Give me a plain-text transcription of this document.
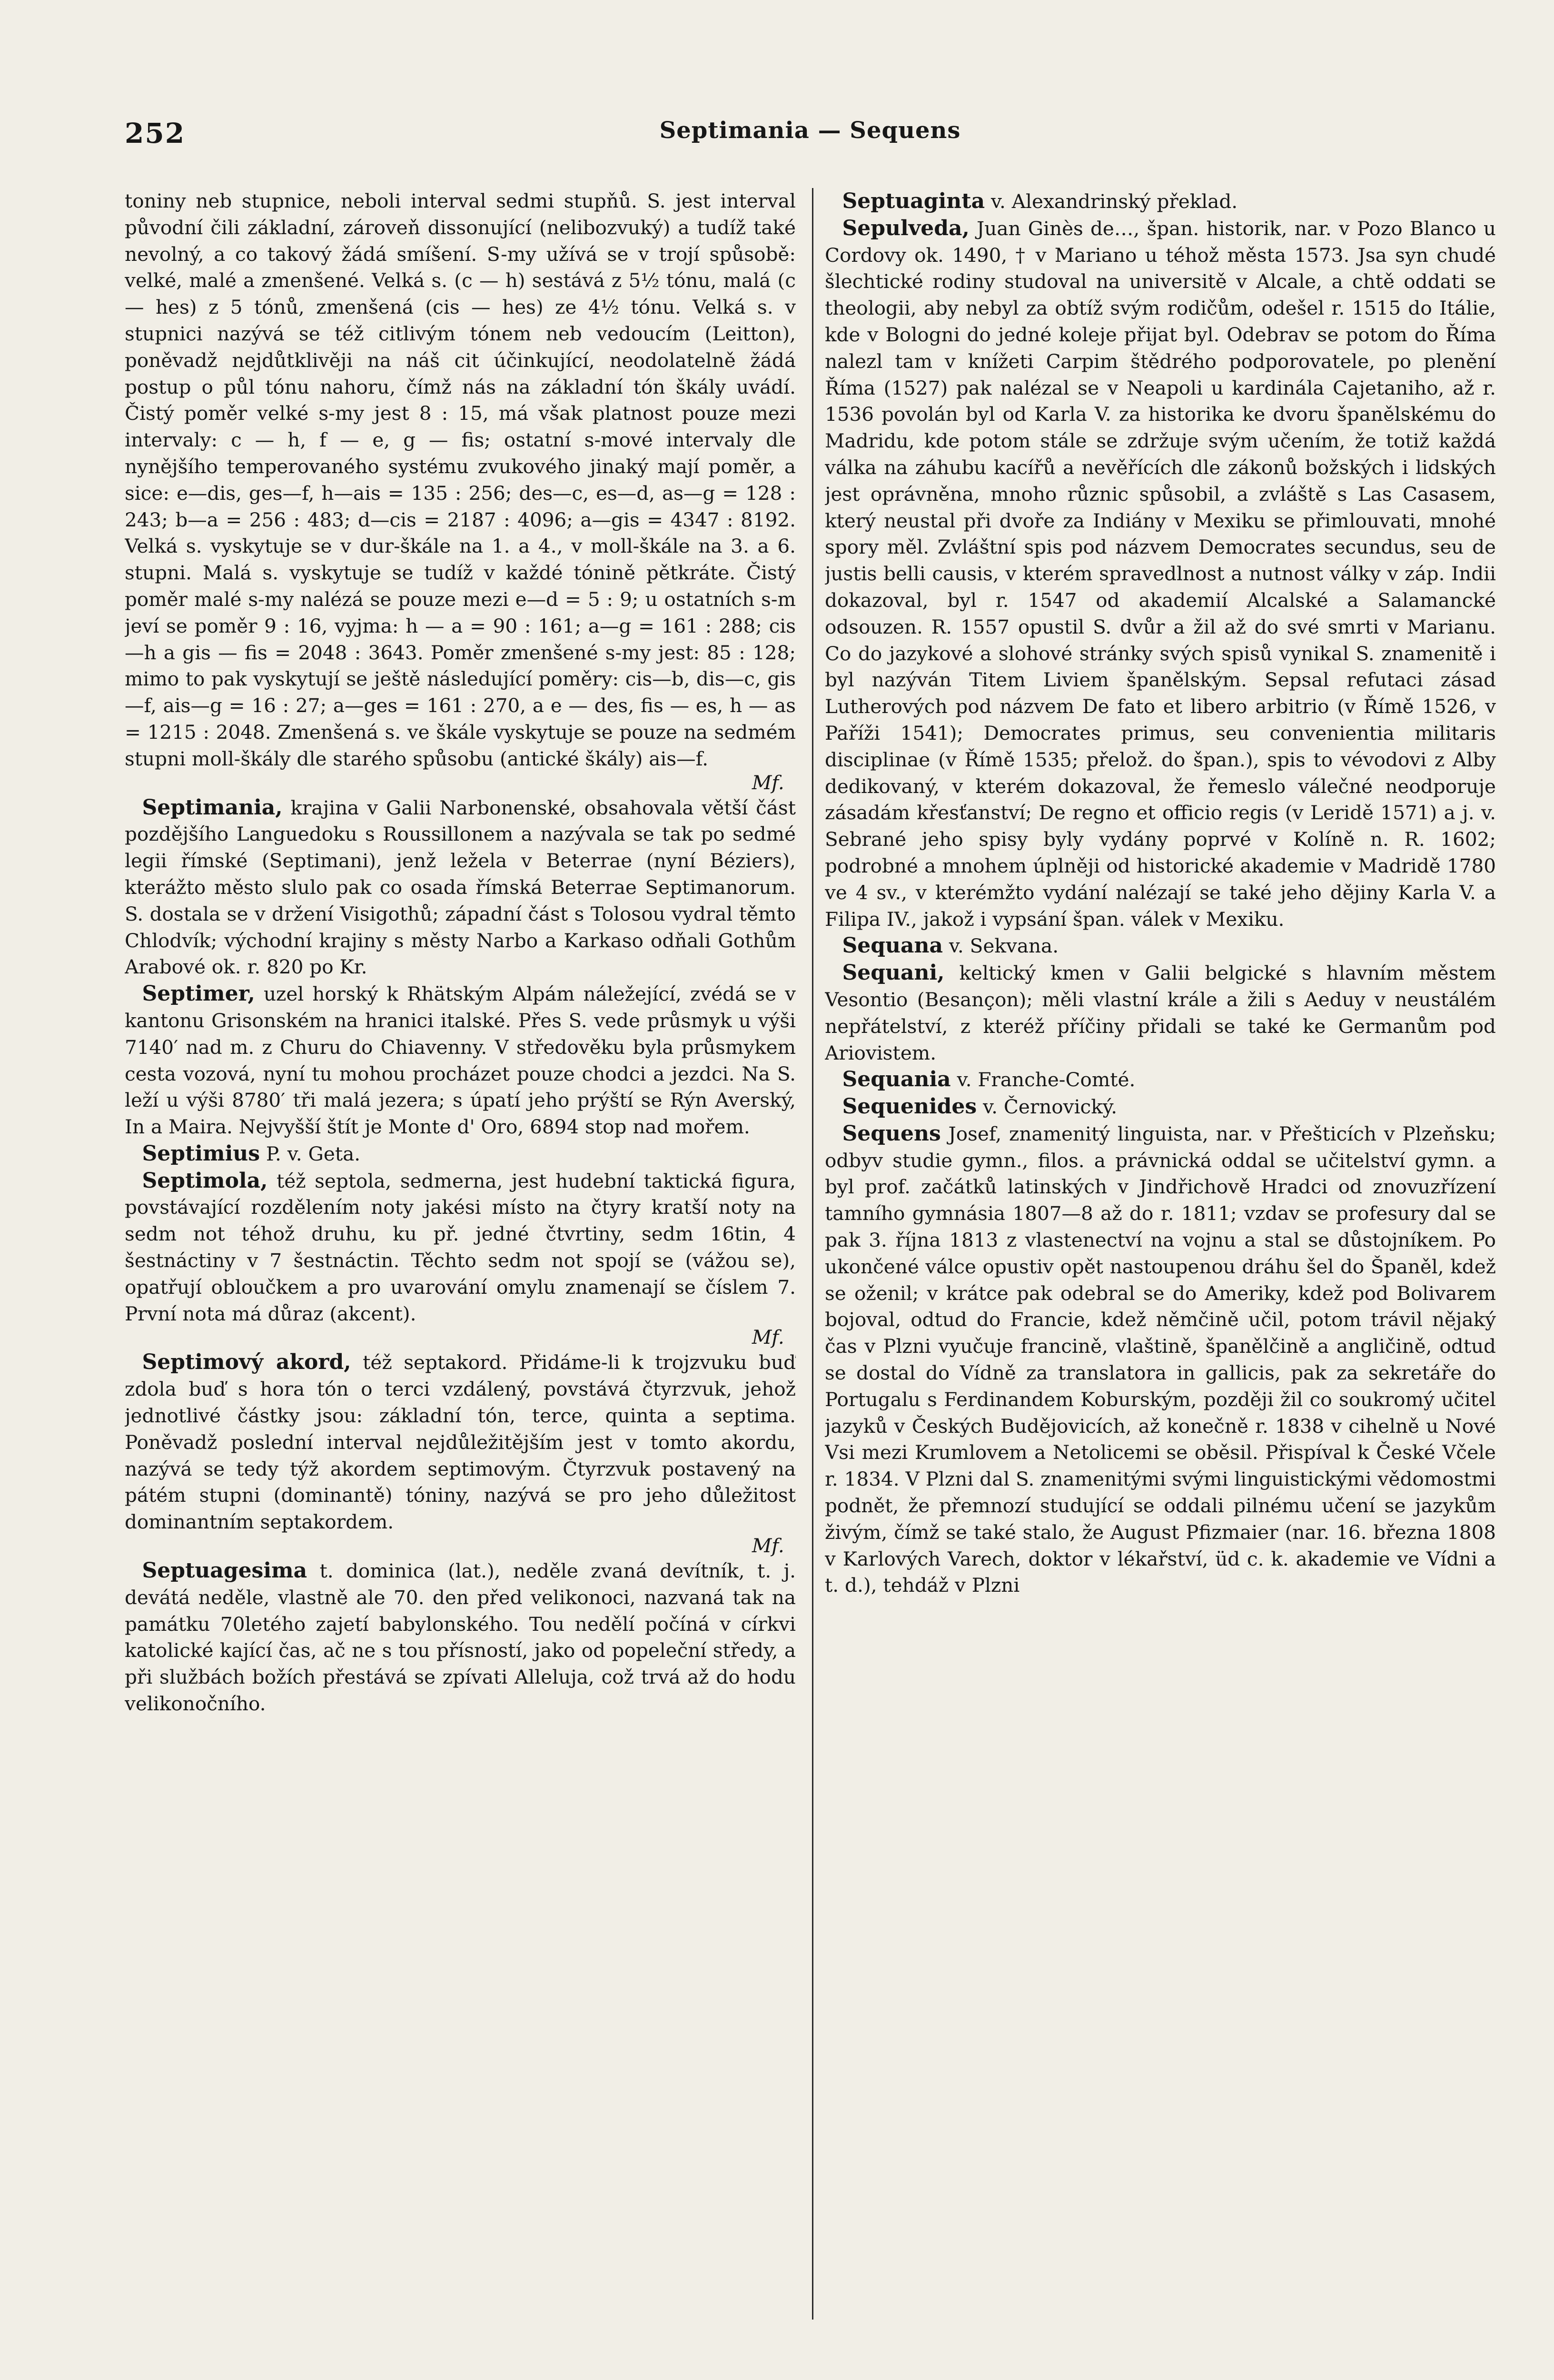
252	Septimania — Sequens

toniny neb stupnice, neboli interval sedmi stupňů. S. jest interval původní čili základní, zároveň dissonující (nelibozvuký) a tudíž také nevolný, a co takový žádá smíšení. S-my užívá se v trojí spůsobě: velké, malé a zmenšené. Velká s. (c — h) sestává z 5½ tónu, malá (c — hes) z 5 tónů, zmenšená (cis — hes) ze 4½ tónu. Velká s. v stupnici nazývá se též citlivým tónem neb vedoucím (Leitton), poněvadž nejdůtklivěji na náš cit účinkující, neodolatelně žádá postup o půl tónu nahoru, čímž nás na základní tón škály uvádí. Čistý poměr velké s-my jest 8 : 15, má však platnost pouze mezi intervaly: c — h, f — e, g — fis; ostatní s-mové intervaly dle nynějšího temperovaného systému zvukového jinaký mají poměr, a sice: e—dis, ges—f, h—ais = 135 : 256; des—c, es—d, as—g = 128 : 243; b—a = 256 : 483; d—cis = 2187 : 4096; a—gis = 4347 : 8192. Velká s. vyskytuje se v dur-škále na 1. a 4., v moll-škále na 3. a 6. stupni. Malá s. vyskytuje se tudíž v každé tónině pětkráte. Čistý poměr malé s-my nalézá se pouze mezi e—d = 5 : 9; u ostatních s-m jeví se poměr 9 : 16, vyjma: h — a = 90 : 161; a—g = 161 : 288; cis—h a gis — fis = 2048 : 3643. Poměr zmenšené s-my jest: 85 : 128; mimo to pak vyskytují se ještě následující poměry: cis—b, dis—c, gis—f, ais—g = 16 : 27; a—ges = 161 : 270, a e — des, fis — es, h — as = 1215 : 2048. Zmenšená s. ve škále vyskytuje se pouze na sedmém stupni moll-škály dle starého spůsobu (antické škály) ais—f.
Mf.

Septimania, krajina v Galii Narbonenské, obsahovala větší část pozdějšího Languedoku s Roussillonem a nazývala se tak po sedmé legii římské (Septimani), jenž ležela v Beterrae (nyní Béziers), kterážto město slulo pak co osada římská Beterrae Septimanorum. S. dostala se v držení Visigothů; západní část s Tolosou vydral těmto Chlodvík; východní krajiny s městy Narbo a Karkaso odňali Gothům Arabové ok. r. 820 po Kr.

Septimer, uzel horský k Rhätským Alpám náležející, zvédá se v kantonu Grisonském na hranici italské. Přes S. vede průsmyk u výši 7140′ nad m. z Churu do Chiavenny. V středověku byla průsmykem cesta vozová, nyní tu mohou procházet pouze chodci a jezdci. Na S. leží u výši 8780′ tři malá jezera; s úpatí jeho prýští se Rýn Averský, In a Maira. Nejvyšší štít je Monte d' Oro, 6894 stop nad mořem.

Septimius P. v. Geta.

Septimola, též septola, sedmerna, jest hudební taktická figura, povstávající rozdělením noty jakési místo na čtyry kratší noty na sedm not téhož druhu, ku př. jedné čtvrtiny, sedm 16tin, 4 šestnáctiny v 7 šestnáctin. Těchto sedm not spojí se (vážou se), opatřují obloučkem a pro uvarování omylu znamenají se číslem 7. První nota má důraz (akcent).
Mf.

Septimový akord, též septakord. Přidáme-li k trojzvuku buď zdola buď s hora tón o terci vzdálený, povstává čtyrzvuk, jehož jednotlivé částky jsou: základní tón, terce, quinta a septima. Poněvadž poslední interval nejdůležitějším jest v tomto akordu, nazývá se tedy týž akordem septimovým. Čtyrzvuk postavený na pátém stupni (dominantě) tóniny, nazývá se pro jeho důležitost dominantním septakordem.
Mf.

Septuagesima t. dominica (lat.), neděle zvaná devítník, t. j. devátá neděle, vlastně ale 70. den před velikonoci, nazvaná tak na památku 70letého zajetí babylonského. Tou nedělí počíná v církvi katolické kající čas, ač ne s tou přísností, jako od popeleční středy, a při službách božích přestává se zpívati Alleluja, což trvá až do hodu velikonočního.

Septuaginta v. Alexandrinský překlad.

Sepulveda, Juan Ginès de…, špan. historik, nar. v Pozo Blanco u Cordovy ok. 1490, † v Mariano u téhož města 1573. Jsa syn chudé šlechtické rodiny studoval na universitě v Alcale, a chtě oddati se theologii, aby nebyl za obtíž svým rodičům, odešel r. 1515 do Itálie, kde v Bologni do jedné koleje přijat byl. Odebrav se potom do Říma nalezl tam v knížeti Carpim štědrého podporovatele, po plenění Říma (1527) pak nalézal se v Neapoli u kardinála Cajetaniho, až r. 1536 povolán byl od Karla V. za historika ke dvoru španělskému do Madridu, kde potom stále se zdržuje svým učením, že totiž každá válka na záhubu kacířů a nevěřících dle zákonů božských i lidských jest oprávněna, mnoho různic spůsobil, a zvláště s Las Casasem, který neustal při dvoře za Indiány v Mexiku se přimlouvati, mnohé spory měl. Zvláštní spis pod názvem Democrates secundus, seu de justis belli causis, v kterém spravedlnost a nutnost války v záp. Indii dokazoval, byl r. 1547 od akademií Alcalské a Salamancké odsouzen. R. 1557 opustil S. dvůr a žil až do své smrti v Marianu. Co do jazykové a slohové stránky svých spisů vynikal S. znamenitě i byl nazýván Titem Liviem španělským. Sepsal refutaci zásad Lutherových pod názvem De fato et libero arbitrio (v Římě 1526, v Paříži 1541); Democrates primus, seu convenientia militaris disciplinae (v Římě 1535; přelož. do špan.), spis to vévodovi z Alby dedikovaný, v kterém dokazoval, že řemeslo válečné neodporuje zásadám křesťanství; De regno et officio regis (v Leridě 1571) a j. v. Sebrané jeho spisy byly vydány poprvé v Kolíně n. R. 1602; podrobné a mnohem úplněji od historické akademie v Madridě 1780 ve 4 sv., v kterémžto vydání nalézají se také jeho dějiny Karla V. a Filipa IV., jakož i vypsání špan. válek v Mexiku.

Sequana v. Sekvana.

Sequani, keltický kmen v Galii belgické s hlavním městem Vesontio (Besançon); měli vlastní krále a žili s Aeduy v neustálém nepřátelství, z kteréž příčiny přidali se také ke Germanům pod Ariovistem.

Sequania v. Franche-Comté.

Sequenides v. Černovický.

Sequens Josef, znamenitý linguista, nar. v Přešticích v Plzeňsku; odbyv studie gymn., filos. a právnická oddal se učitelství gymn. a byl prof. začátků latinských v Jindřichově Hradci od znovuzřízení tamního gymnásia 1807—8 až do r. 1811; vzdav se profesury dal se pak 3. října 1813 z vlastenectví na vojnu a stal se důstojníkem. Po ukončené válce opustiv opět nastoupenou dráhu šel do Španěl, kdež se oženil; v krátce pak odebral se do Ameriky, kdež pod Bolivarem bojoval, odtud do Francie, kdež němčině učil, potom trávil nějaký čas v Plzni vyučuje francině, vlaštině, španělčině a angličině, odtud se dostal do Vídně za translatora in gallicis, pak za sekretáře do Portugalu s Ferdinandem Koburským, později žil co soukromý učitel jazyků v Českých Budějovicích, až konečně r. 1838 v cihelně u Nové Vsi mezi Krumlovem a Netolicemi se oběsil. Přispíval k České Včele r. 1834. V Plzni dal S. znamenitými svými linguistickými vědomostmi podnět, že přemnozí studující se oddali pilnému učení se jazykům živým, čímž se také stalo, že August Pfizmaier (nar. 16. března 1808 v Karlových Varech, doktor v lékařství, üd c. k. akademie ve Vídni a t. d.), tehdáž v Plzni
